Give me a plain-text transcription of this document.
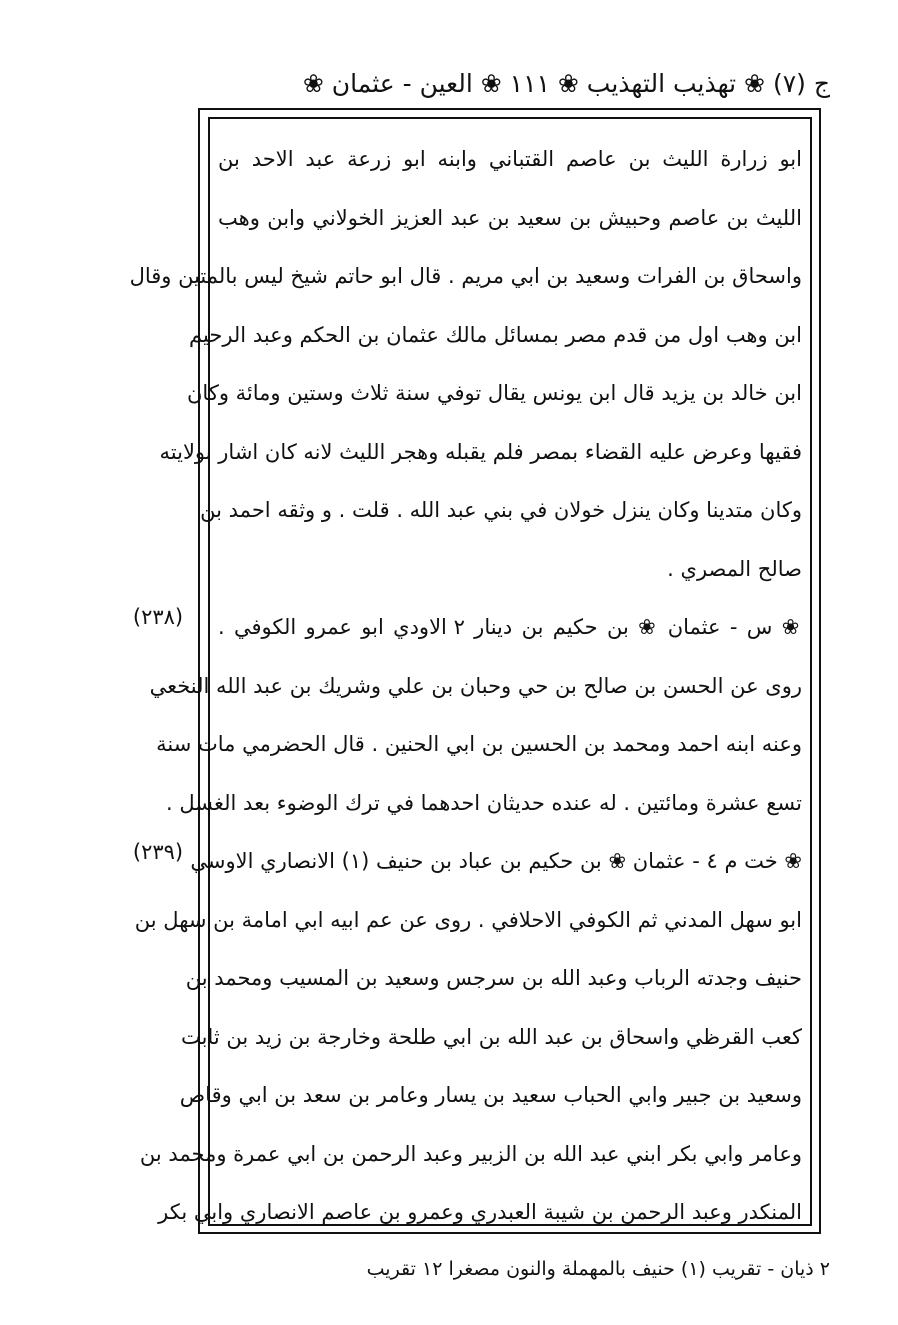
ج (٧) ❀ تهذيب التهذيب ❀ ١١١ ❀ العين - عثمان ❀
(٢٣٨)
(٢٣٩)
ابو زرارة الليث بن عاصم القتباني وابنه ابو زرعة عبد الاحد بن
الليث بن عاصم وحبيش بن سعيد بن عبد العزيز الخولاني وابن وهب
واسحاق بن الفرات وسعيد بن ابي مريم . قال ابو حاتم شيخ ليس بالمتين وقال
ابن وهب اول من قدم مصر بمسائل مالك عثمان بن الحكم وعبد الرحيم
ابن خالد بن يزيد قال ابن يونس يقال توفي سنة ثلاث وستين ومائة وكان
فقيها وعرض عليه القضاء بمصر فلم يقبله وهجر الليث لانه كان اشار بولايته
وكان متدينا وكان ينزل خولان في بني عبد الله . قلت . و وثقه احمد بن
صالح المصري .
❀ س - عثمان ❀ بن حكيم بن دينار ٢ الاودي ابو عمرو الكوفي .
روى عن الحسن بن صالح بن حي وحبان بن علي وشريك بن عبد الله النخعي
وعنه ابنه احمد ومحمد بن الحسين بن ابي الحنين . قال الحضرمي مات سنة
تسع عشرة ومائتين . له عنده حديثان احدهما في ترك الوضوء بعد الغسل .
❀ خت م ٤ - عثمان ❀ بن حكيم بن عباد بن حنيف (١) الانصاري الاوسي
ابو سهل المدني ثم الكوفي الاحلافي . روى عن عم ابيه ابي امامة بن سهل بن
حنيف وجدته الرباب وعبد الله بن سرجس وسعيد بن المسيب ومحمد بن
كعب القرظي واسحاق بن عبد الله بن ابي طلحة وخارجة بن زيد بن ثابت
وسعيد بن جبير وابي الحباب سعيد بن يسار وعامر بن سعد بن ابي وقاص
وعامر وابي بكر ابني عبد الله بن الزبير وعبد الرحمن بن ابي عمرة ومحمد بن
المنكدر وعبد الرحمن بن شيبة العبدري وعمرو بن عاصم الانصاري وابي بكر
٢ ذيان - تقريب (١) حنيف بالمهملة والنون مصغرا ١٢ تقريب
